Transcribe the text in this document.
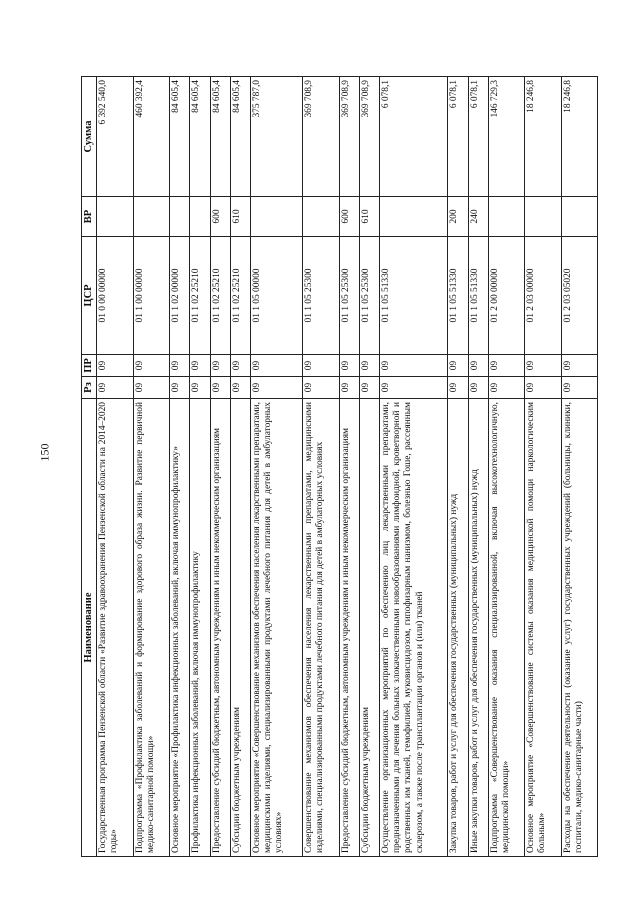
150
Наименование	Рз	ПР	ЦСР	ВР	Сумма
Государственная программа Пензенской области «Развитие здравоохранения Пензенской области на 2014–2020 годы»	09	09	01 0 00 00000		6 392 540,0
Подпрограмма «Профилактика заболеваний и формирование здорового образа жизни. Развитие первичной медико-санитарной помощи»	09	09	01 1 00 00000		460 392,4
Основное мероприятие «Профилактика инфекционных заболеваний, включая иммунопрофилактику»	09	09	01 1 02 00000		84 605,4
Профилактика инфекционных заболеваний, включая иммунопрофилактику	09	09	01 1 02 25210		84 605,4
Предоставление субсидий бюджетным, автономным учреждениям и иным некоммерческим организациям	09	09	01 1 02 25210	600	84 605,4
Субсидии бюджетным учреждениям	09	09	01 1 02 25210	610	84 605,4
Основное мероприятие «Совершенствование механизмов обеспечения населения лекарственными препаратами, медицинскими изделиями, специализированными продуктами лечебного питания для детей в амбулаторных условиях»	09	09	01 1 05 00000		375 787,0
Совершенствование механизмов обеспечения населения лекарственными препаратами, медицинскими изделиями, специализированными продуктами лечебного питания для детей в амбулаторных условиях	09	09	01 1 05 25300		369 708,9
Предоставление субсидий бюджетным, автономным учреждениям и иным некоммерческим организациям	09	09	01 1 05 25300	600	369 708,9
Субсидии бюджетным учреждениям	09	09	01 1 05 25300	610	369 708,9
Осуществление организационных мероприятий по обеспечению лиц лекарственными препаратами, предназначенными для лечения больных злокачественными новообразованиями лимфоидной, кроветворной и родственных им тканей, гемофилией, муковисцидозом, гипофизарным нанизмом, болезнью Гоше, рассеянным склерозом, а также после трансплантации органов и (или) тканей	09	09	01 1 05 51330		6 078,1
Закупка товаров, работ и услуг для обеспечения государственных (муниципальных) нужд	09	09	01 1 05 51330	200	6 078,1
Иные закупки товаров, работ и услуг для обеспечения государственных (муниципальных) нужд	09	09	01 1 05 51330	240	6 078,1
Подпрограмма «Совершенствование оказания специализированной, включая высокотехнологичную, медицинской помощи»	09	09	01 2 00 00000		146 729,3
Основное мероприятие «Совершенствование системы оказания медицинской помощи наркологическим больным»	09	09	01 2 03 00000		18 246,8
Расходы на обеспечение деятельности (оказание услуг) государственных учреждений (больницы, клиники, госпитали, медико-санитарные части)	09	09	01 2 03 05020		18 246,8
